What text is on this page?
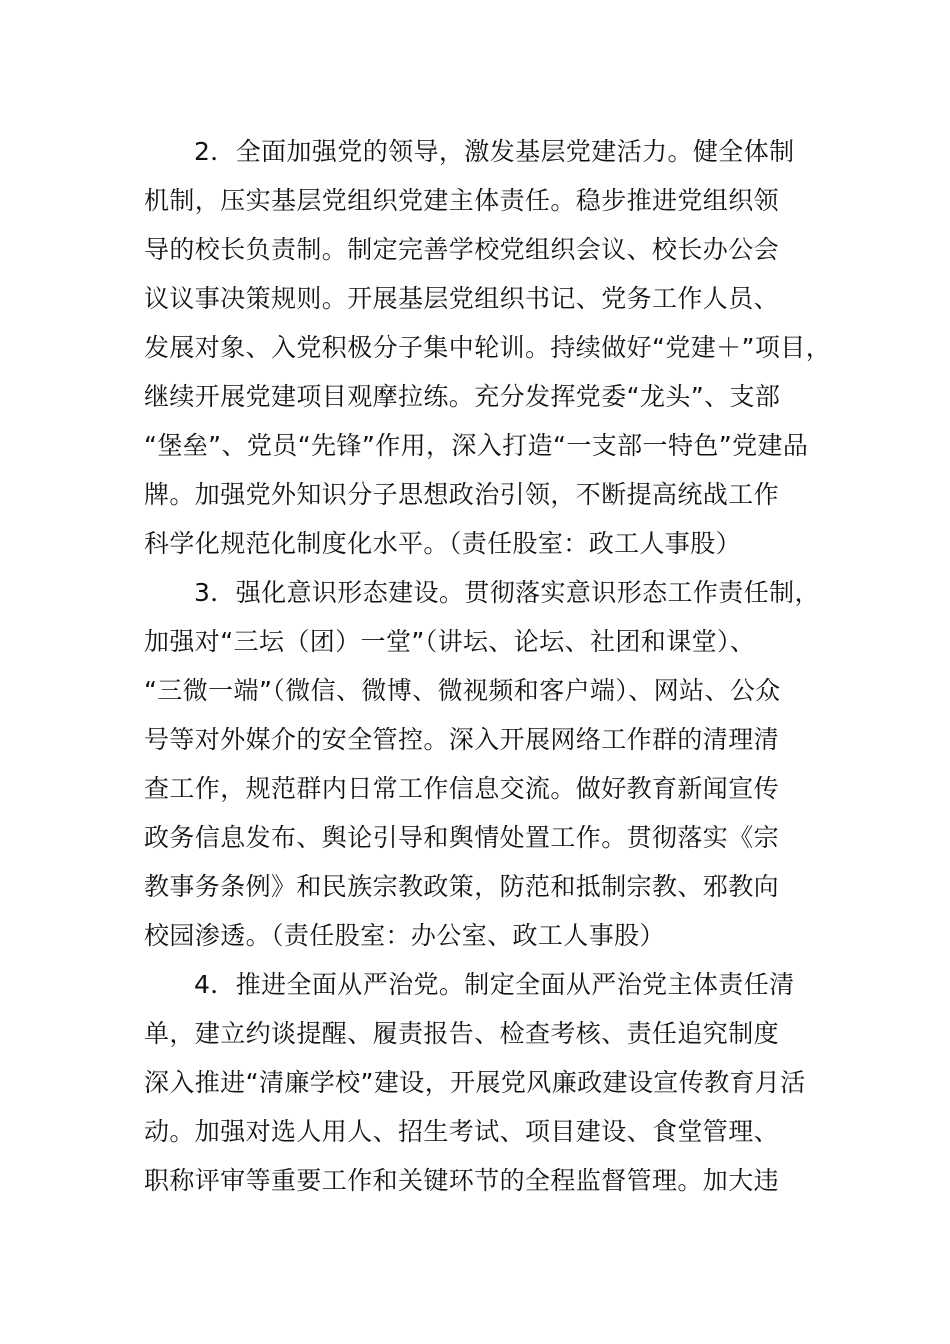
2．全面加强党的领导，激发基层党建活力。健全体制
机制，压实基层党组织党建主体责任。稳步推进党组织领
导的校长负责制。制定完善学校党组织会议、校长办公会
议议事决策规则。开展基层党组织书记、党务工作人员、
发展对象、入党积极分子集中轮训。持续做好“党建＋”项目，
继续开展党建项目观摩拉练。充分发挥党委“龙头”、支部
“堡垒”、党员“先锋”作用，深入打造“一支部一特色”党建品
牌。加强党外知识分子思想政治引领，不断提高统战工作
科学化规范化制度化水平。（责任股室：政工人事股）
3．强化意识形态建设。贯彻落实意识形态工作责任制，
加强对“三坛（团）一堂”（讲坛、论坛、社团和课堂）、
“三微一端”（微信、微博、微视频和客户端）、网站、公众
号等对外媒介的安全管控。深入开展网络工作群的清理清
查工作，规范群内日常工作信息交流。做好教育新闻宣传
政务信息发布、舆论引导和舆情处置工作。贯彻落实《宗
教事务条例》和民族宗教政策，防范和抵制宗教、邪教向
校园渗透。（责任股室：办公室、政工人事股）
4．推进全面从严治党。制定全面从严治党主体责任清
单，建立约谈提醒、履责报告、检查考核、责任追究制度
深入推进“清廉学校”建设，开展党风廉政建设宣传教育月活
动。加强对选人用人、招生考试、项目建设、食堂管理、
职称评审等重要工作和关键环节的全程监督管理。加大违
